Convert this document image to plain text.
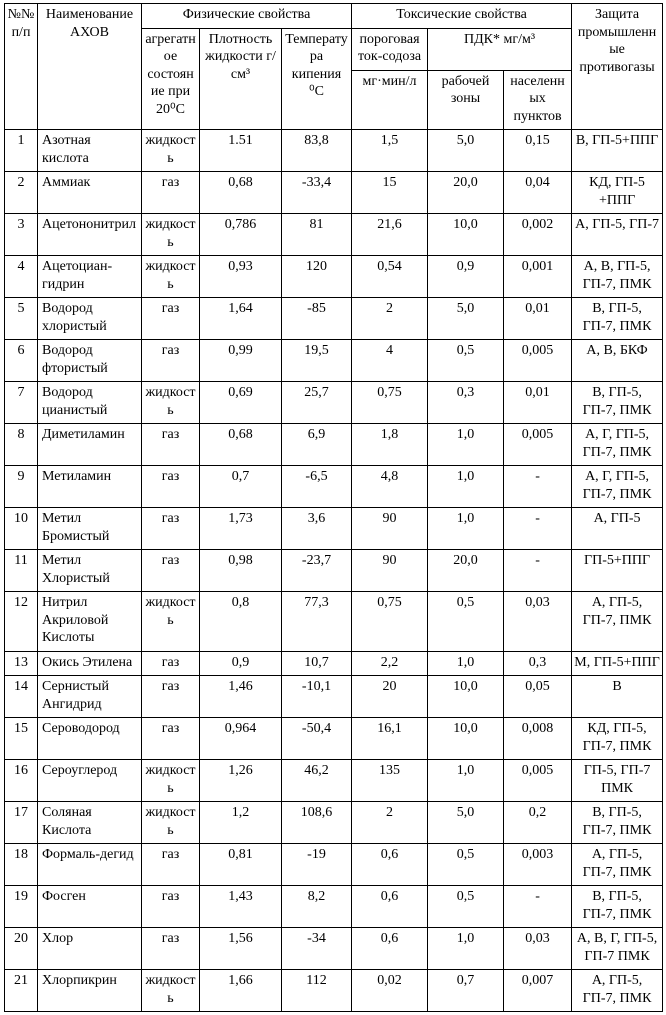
№№ п/п	Наименование АХОВ	Физические свойства			Токсические свойства			Защита промышленные противогазы
		агрегатное состояние при 20⁰С	Плотность жидкости г/см³	Температура кипения ⁰С	пороговая ток-содоза	ПДК* мг/м³		
					мг·мин/л	рабочей зоны	населенных пунктов	
1	Азотная кислота	жидкость	1.51	83,8	1,5	5,0	0,15	В, ГП-5+ППГ
2	Аммиак	газ	0,68	-33,4	15	20,0	0,04	КД, ГП-5 +ППГ
3	Ацетононитрил	жидкость	0,786	81	21,6	10,0	0,002	А, ГП-5, ГП-7
4	Ацетоциан-гидрин	жидкость	0,93	120	0,54	0,9	0,001	А, В, ГП-5, ГП-7, ПМК
5	Водород хлористый	газ	1,64	-85	2	5,0	0,01	В, ГП-5, ГП-7, ПМК
6	Водород фтористый	газ	0,99	19,5	4	0,5	0,005	А, В, БКФ
7	Водород цианистый	жидкость	0,69	25,7	0,75	0,3	0,01	В, ГП-5, ГП-7, ПМК
8	Диметиламин	газ	0,68	6,9	1,8	1,0	0,005	А, Г, ГП-5, ГП-7, ПМК
9	Метиламин	газ	0,7	-6,5	4,8	1,0	-	А, Г, ГП-5, ГП-7, ПМК
10	Метил Бромистый	газ	1,73	3,6	90	1,0	-	А, ГП-5
11	Метил Хлористый	газ	0,98	-23,7	90	20,0	-	ГП-5+ППГ
12	Нитрил Акриловой Кислоты	жидкость	0,8	77,3	0,75	0,5	0,03	А, ГП-5, ГП-7, ПМК
13	Окись Этилена	газ	0,9	10,7	2,2	1,0	0,3	М, ГП-5+ППГ
14	Сернистый Ангидрид	газ	1,46	-10,1	20	10,0	0,05	В
15	Сероводород	газ	0,964	-50,4	16,1	10,0	0,008	КД, ГП-5, ГП-7, ПМК
16	Сероуглерод	жидкость	1,26	46,2	135	1,0	0,005	ГП-5, ГП-7 ПМК
17	Соляная Кислота	жидкость	1,2	108,6	2	5,0	0,2	В, ГП-5, ГП-7, ПМК
18	Формаль-дегид	газ	0,81	-19	0,6	0,5	0,003	А, ГП-5, ГП-7, ПМК
19	Фосген	газ	1,43	8,2	0,6	0,5	-	В, ГП-5, ГП-7, ПМК
20	Хлор	газ	1,56	-34	0,6	1,0	0,03	А, В, Г, ГП-5, ГП-7 ПМК
21	Хлорпикрин	жидкость	1,66	112	0,02	0,7	0,007	А, ГП-5, ГП-7, ПМК
